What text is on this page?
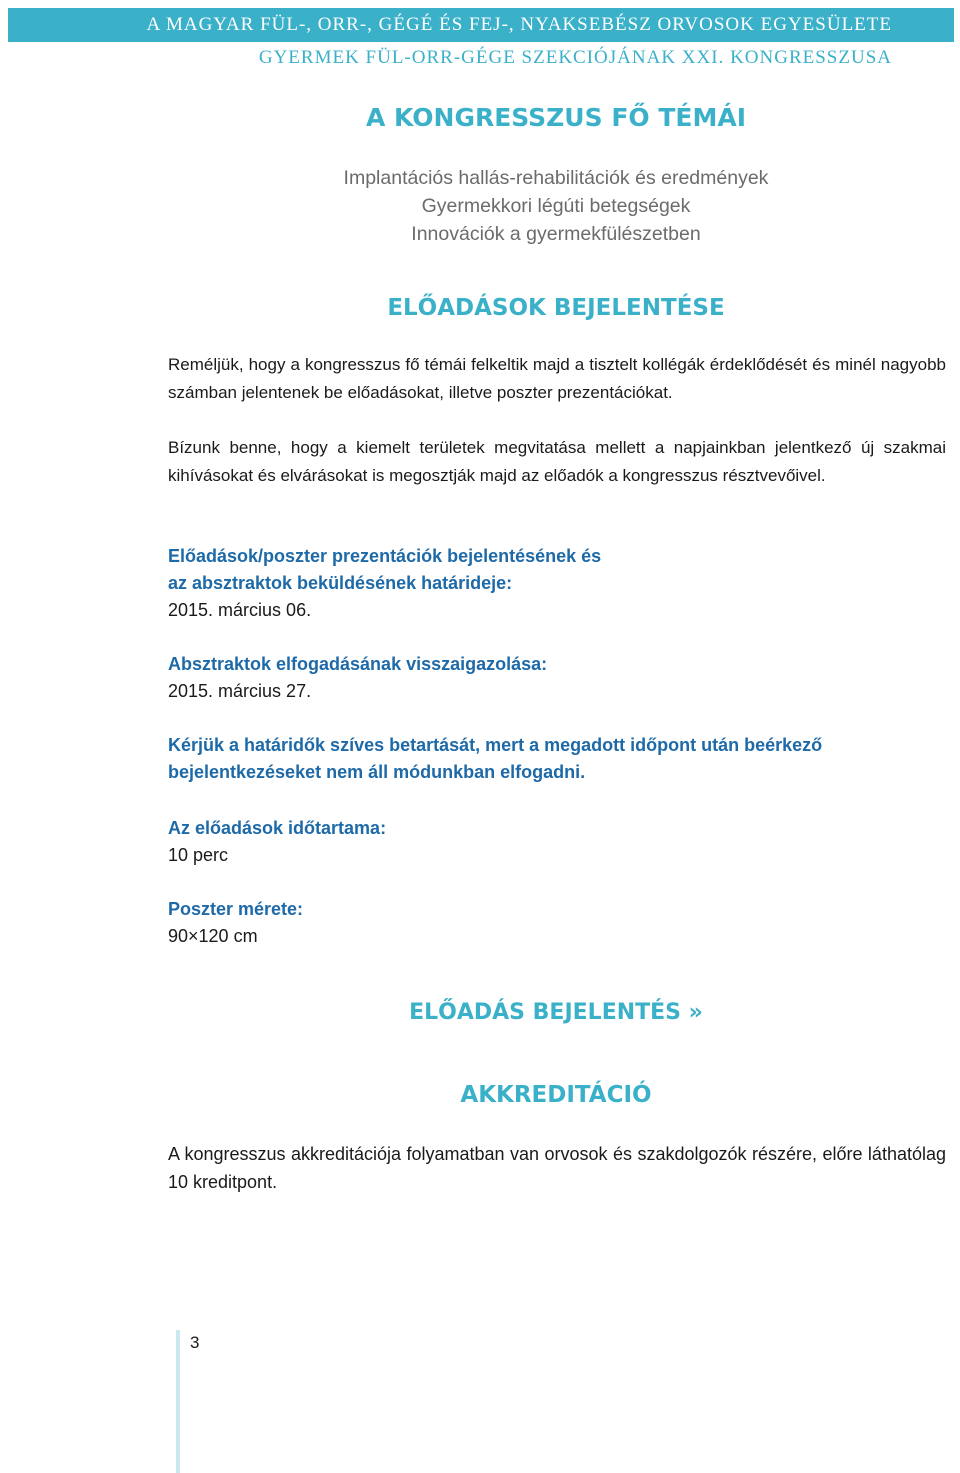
A MAGYAR FÜL-, ORR-, GÉGÉ ÉS FEJ-, NYAKSEBÉSZ ORVOSOK EGYESÜLETE
GYERMEK FÜL-ORR-GÉGE SZEKCIÓJÁNAK XXI. KONGRESSZUSA
A KONGRESSZUS FŐ TÉMÁI
Implantációs hallás-rehabilitációk és eredmények
Gyermekkori légúti betegségek
Innovációk a gyermekfülészetben
ELŐADÁSOK BEJELENTÉSE

Reméljük, hogy a kongresszus fő témái felkeltik majd a tisztelt kollégák érdeklődését és minél nagyobb számban jelentenek be előadásokat, illetve poszter prezentációkat.

Bízunk benne, hogy a kiemelt területek megvitatása mellett a napjainkban jelentkező új szakmai kihívásokat és elvárásokat is megosztják majd az előadók a kongresszus résztvevőivel.

Előadások/poszter prezentációk bejelentésének és

az absztraktok beküldésének határideje:

2015. március 06.

Absztraktok elfogadásának visszaigazolása:

2015. március 27.

Kérjük a határidők szíves betartását, mert a megadott időpont után beérkező bejelentkezéseket nem áll módunkban elfogadni.

Az előadások időtartama:

10 perc

Poszter mérete:

90×120 cm
ELŐADÁS BEJELENTÉS »
AKKREDITÁCIÓ

A kongresszus akkreditációja folyamatban van orvosok és szakdolgozók részére, előre láthatólag 10 kreditpont.

3
